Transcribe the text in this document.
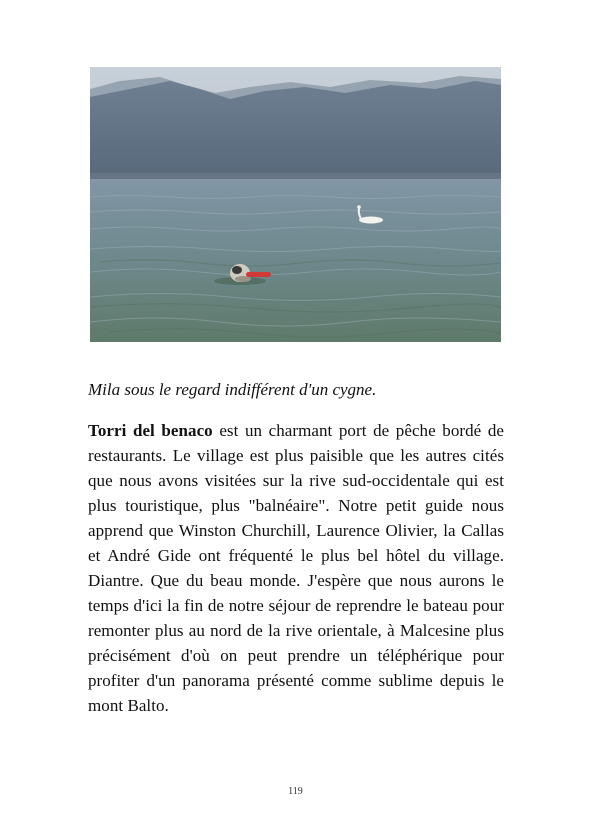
Mila sous le regard indifférent d'un cygne.

Torri del benaco est un charmant port de pêche bordé de restaurants. Le village est plus paisible que les autres cités que nous avons visitées sur la rive sud-occidentale qui est plus touristique, plus "balnéaire". Notre petit guide nous apprend que Winston Churchill, Laurence Olivier, la Callas et André Gide ont fréquenté le plus bel hôtel du village. Diantre. Que du beau monde. J'espère que nous aurons le temps d'ici la fin de notre séjour de reprendre le bateau pour remonter plus au nord de la rive orientale, à Malcesine plus précisément d'où on peut prendre un téléphérique pour profiter d'un panorama présenté comme sublime depuis le mont Balto.

119
